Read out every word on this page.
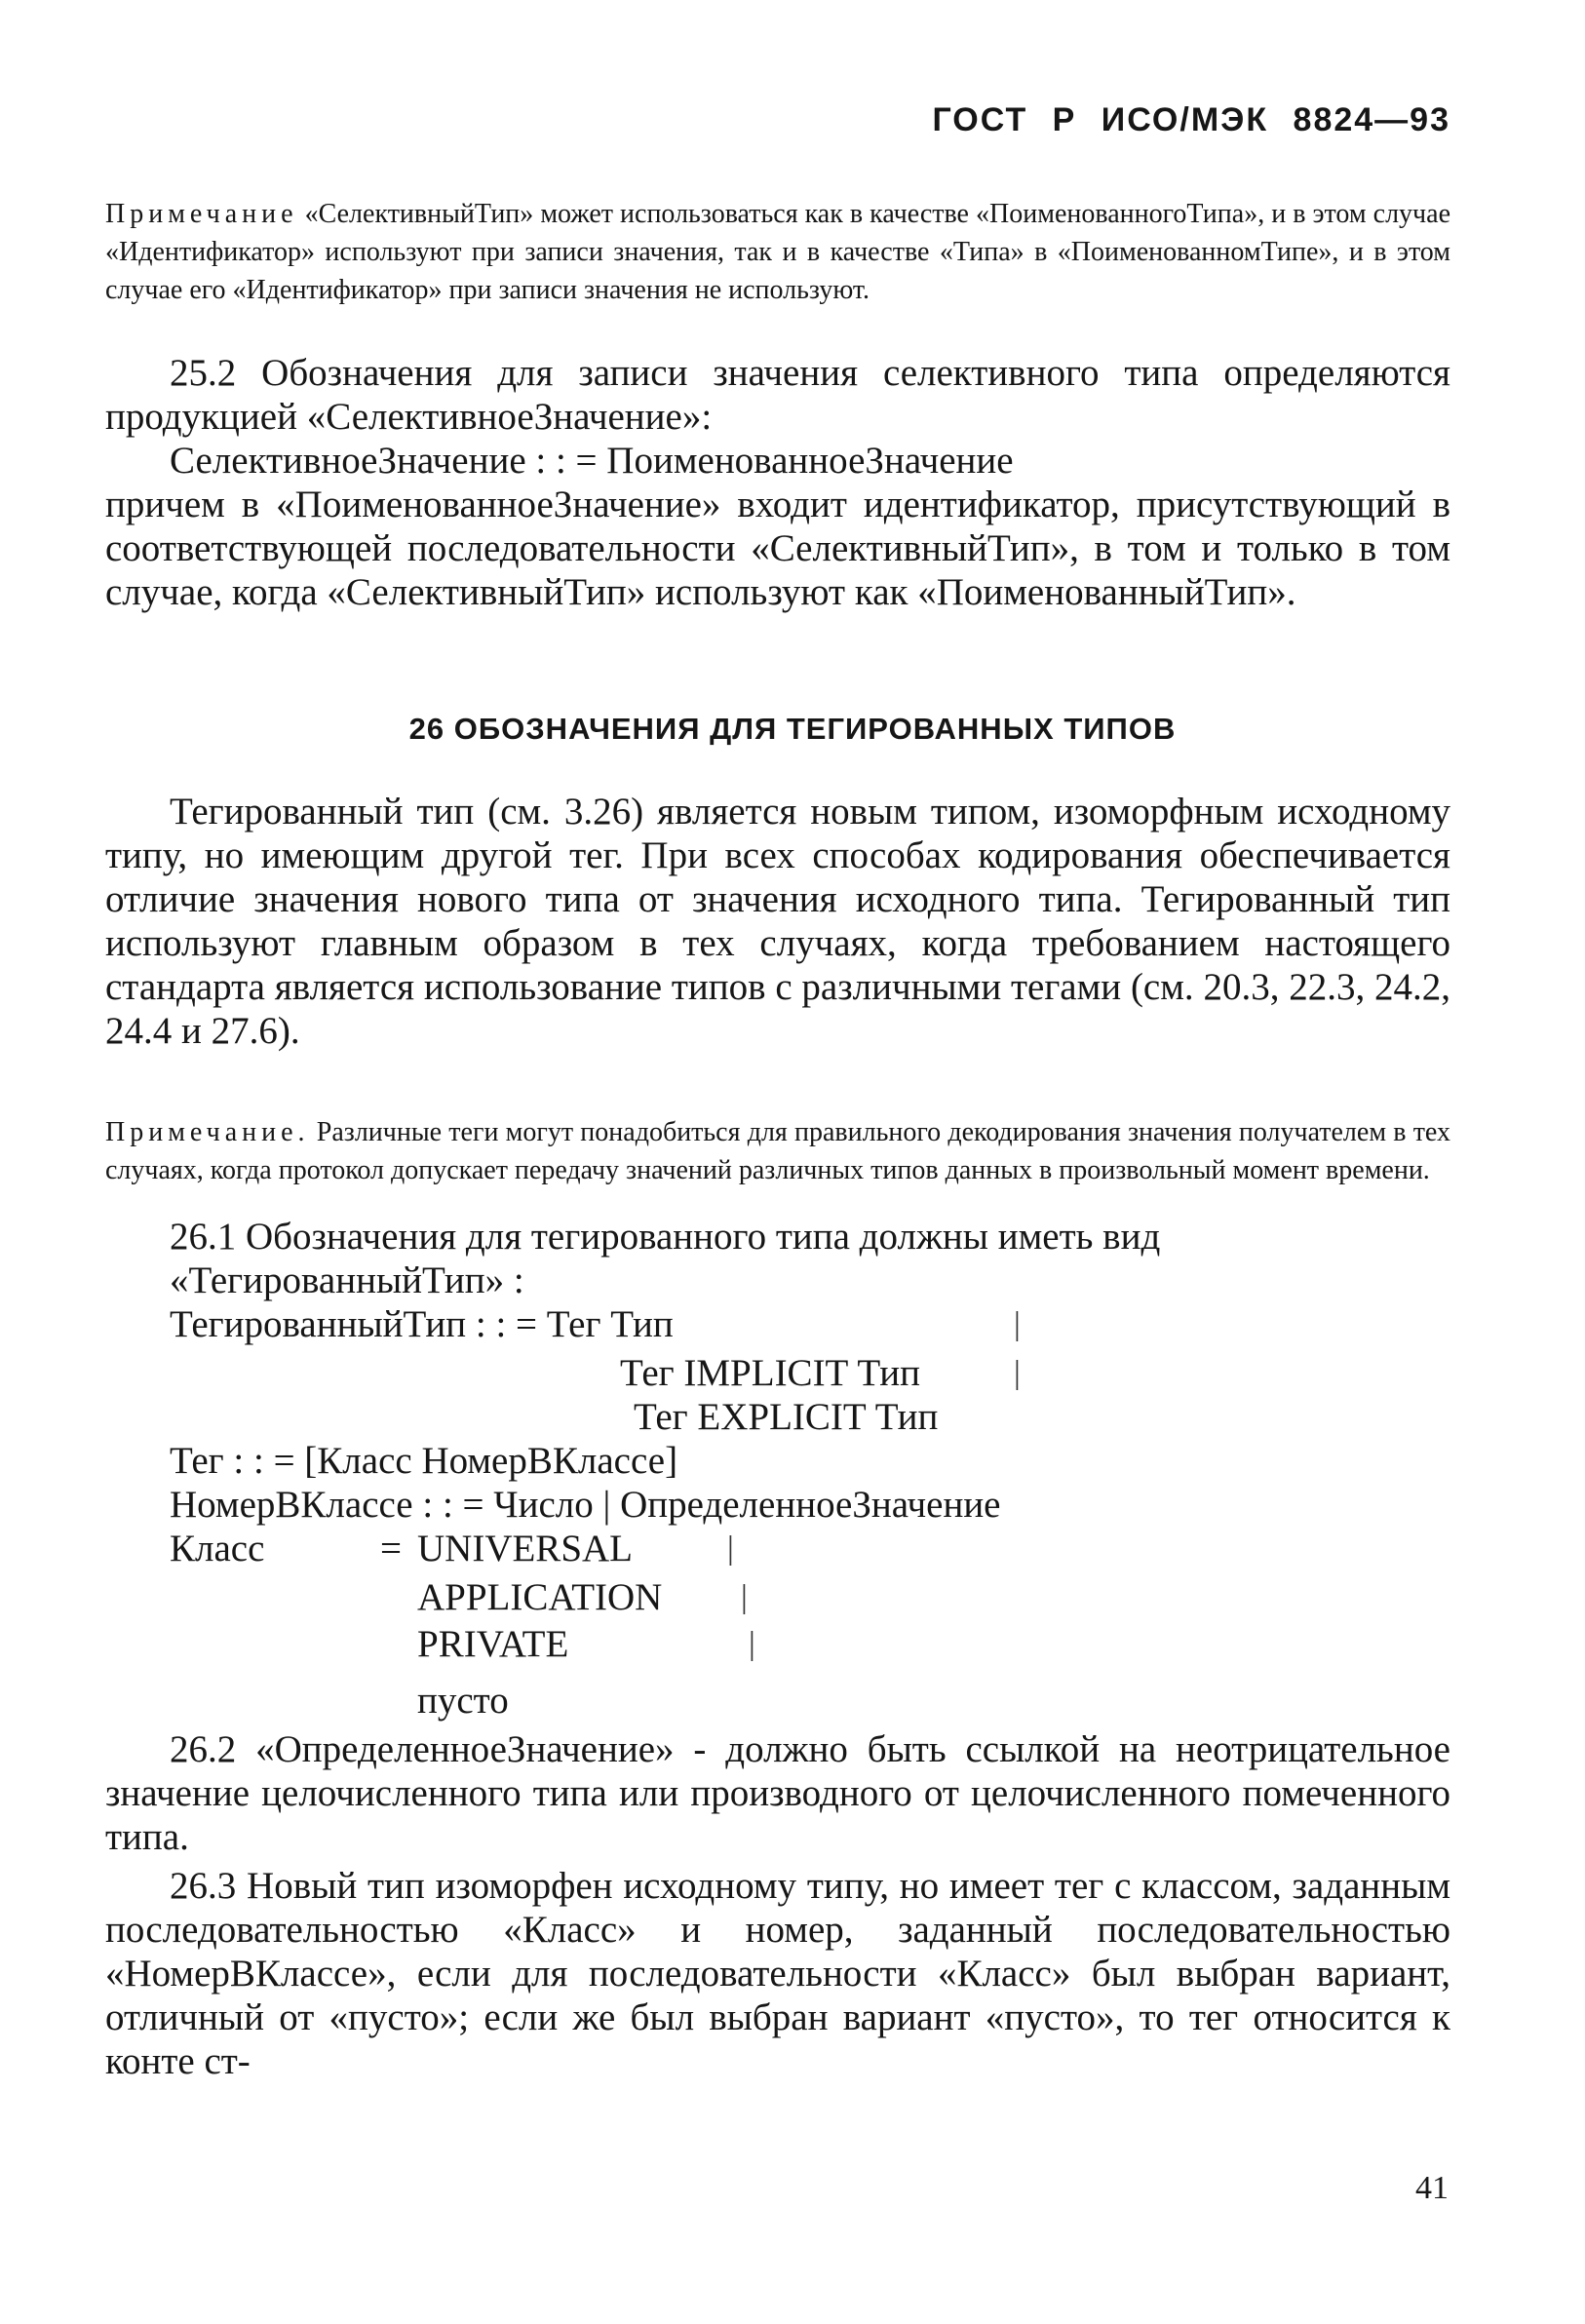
ГОСТ Р ИСО/МЭК 8824—93

Примечание «СелективныйТип» может использоваться как в качестве «ПоименованногоТипа», и в этом случае «Идентификатор» используют при записи значения, так и в качестве «Типа» в «ПоименованномТипе», и в этом случае его «Идентификатор» при записи значения не используют.

25.2 Обозначения для записи значения селективного типа определяются продукцией «СелективноеЗначение»:

СелективноеЗначение : : = ПоименованноеЗначение

причем в «ПоименованноеЗначение» входит идентификатор, присутствующий в соответствующей последовательности «СелективныйТип», в том и только в том случае, когда «СелективныйТип» используют как «ПоименованныйТип».

26 ОБОЗНАЧЕНИЯ ДЛЯ ТЕГИРОВАННЫХ ТИПОВ

Тегированный тип (см. 3.26) является новым типом, изоморфным исходному типу, но имеющим другой тег. При всех способах кодирования обеспечивается отличие значения нового типа от значения исходного типа. Тегированный тип используют главным образом в тех случаях, когда требованием настоящего стандарта является использование типов с различными тегами (см. 20.3, 22.3, 24.2, 24.4 и 27.6).

Примечание. Различные теги могут понадобиться для правильного декодирования значения получателем в тех случаях, когда протокол допускает передачу значений различных типов данных в произвольный момент времени.

26.1 Обозначения для тегированного типа должны иметь вид
«ТегированныйТип» :
ТегированныйТип : : = Тег Тип	|
Тег IMPLICIT Тип	|
Тег EXPLICIT Тип
Тег : : = [Класс НомерВКлассе]
НомерВКлассе : : = Число | ОпределенноеЗначение
Класс	= UNIVERSAL	|
APPLICATION |
PRIVATE	|
пусто

26.2 «ОпределенноеЗначение» - должно быть ссылкой на неотрицательное значение целочисленного типа или производного от целочисленного помеченного типа.

26.3 Новый тип изоморфен исходному типу, но имеет тег с классом, заданным последовательностью «Класс» и номер, заданный последовательностью «НомерВКлассе», если для последовательности «Класс» был выбран вариант, отличный от «пусто»; если же был выбран вариант «пусто», то тег относится к конте ст-

41
